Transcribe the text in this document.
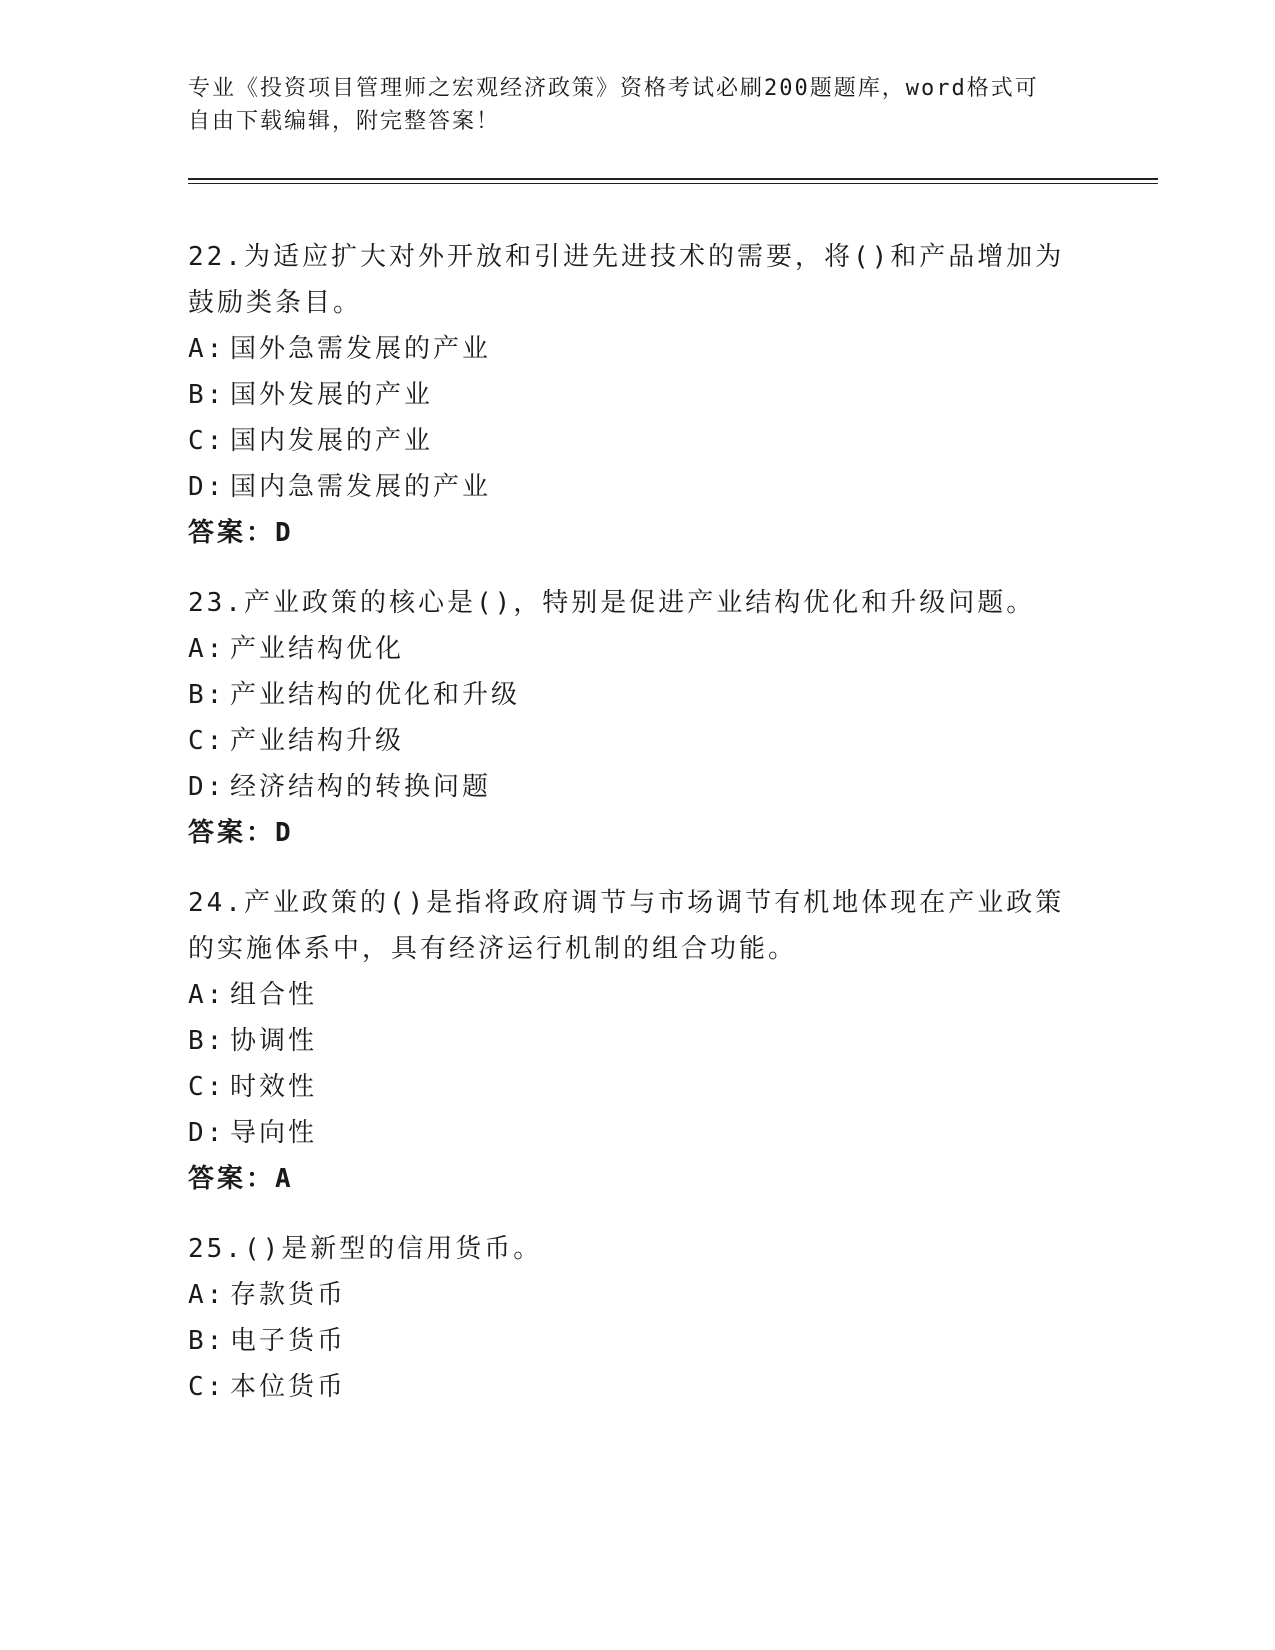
专业《投资项目管理师之宏观经济政策》资格考试必刷200题题库，word格式可
自由下载编辑，附完整答案！

22.为适应扩大对外开放和引进先进技术的需要，将()和产品增加为鼓励类条目。

A: 国外急需发展的产业

B: 国外发展的产业

C: 国内发展的产业

D: 国内急需发展的产业

答案：D

23.产业政策的核心是()，特别是促进产业结构优化和升级问题。

A: 产业结构优化

B: 产业结构的优化和升级

C: 产业结构升级

D: 经济结构的转换问题

答案：D

24.产业政策的()是指将政府调节与市场调节有机地体现在产业政策的实施体系中，具有经济运行机制的组合功能。

A: 组合性

B: 协调性

C: 时效性

D: 导向性

答案：A

25.()是新型的信用货币。

A: 存款货币

B: 电子货币

C: 本位货币
